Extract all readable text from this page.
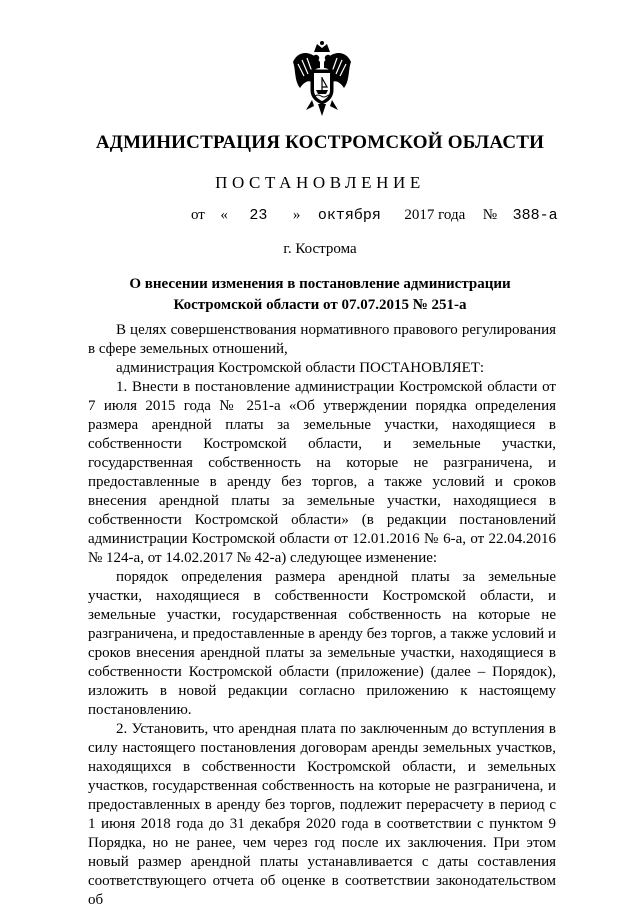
АДМИНИСТРАЦИЯ КОСТРОМСКОЙ ОБЛАСТИ
ПОСТАНОВЛЕНИЕ
от « 23 » октября 2017 года № 388-а
г. Кострома
О внесении изменения в постановление администрации
Костромской области от 07.07.2015 № 251-а

В целях совершенствования нормативного правового регулирования в сфере земельных отношений,

администрация Костромской области ПОСТАНОВЛЯЕТ:

1. Внести в постановление администрации Костромской области от 7 июля 2015 года № 251-а «Об утверждении порядка определения размера арендной платы за земельные участки, находящиеся в собственности Костромской области, и земельные участки, государственная собственность на которые не разграничена, и предоставленные в аренду без торгов, а также условий и сроков внесения арендной платы за земельные участки, находящиеся в собственности Костромской области» (в редакции постановлений администрации Костромской области от 12.01.2016 № 6-а, от 22.04.2016 № 124-а, от 14.02.2017 № 42-а) следующее изменение:

порядок определения размера арендной платы за земельные участки, находящиеся в собственности Костромской области, и земельные участки, государственная собственность на которые не разграничена, и предоставленные в аренду без торгов, а также условий и сроков внесения арендной платы за земельные участки, находящиеся в собственности Костромской области (приложение) (далее – Порядок), изложить в новой редакции согласно приложению к настоящему постановлению.

2. Установить, что арендная плата по заключенным до вступления в силу настоящего постановления договорам аренды земельных участков, находящихся в собственности Костромской области, и земельных участков, государственная собственность на которые не разграничена, и предоставленных в аренду без торгов, подлежит перерасчету в период с 1 июня 2018 года до 31 декабря 2020 года в соответствии с пунктом 9 Порядка, но не ранее, чем через год после их заключения. При этом новый размер арендной платы устанавливается с даты составления соответствующего отчета об оценке в соответствии законодательством об
